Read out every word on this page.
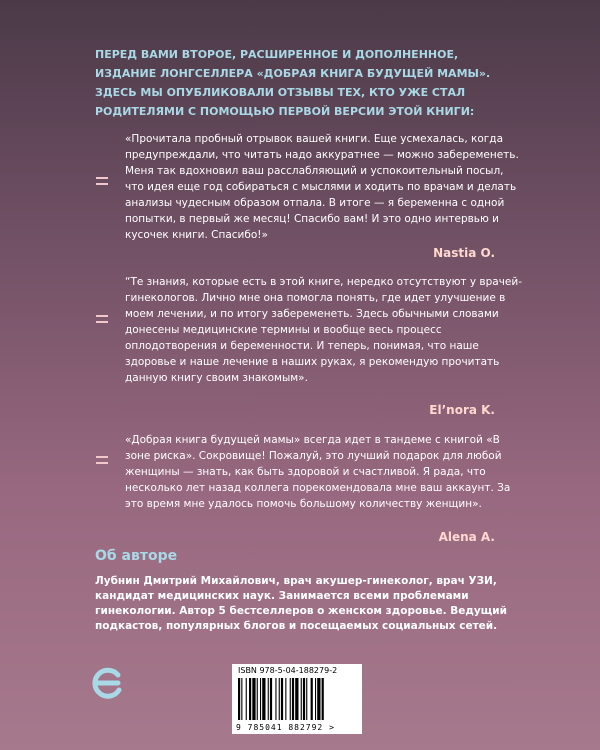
ПЕРЕД ВАМИ ВТОРОЕ, РАСШИРЕННОЕ И ДОПОЛНЕННОЕ,

ИЗДАНИЕ ЛОНГСЕЛЛЕРА «ДОБРАЯ КНИГА БУДУЩЕЙ МАМЫ».

ЗДЕСЬ МЫ ОПУБЛИКОВАЛИ ОТЗЫВЫ ТЕХ, КТО УЖЕ СТАЛ

РОДИТЕЛЯМИ С ПОМОЩЬЮ ПЕРВОЙ ВЕРСИИ ЭТОЙ КНИГИ:

«Прочитала пробный отрывок вашей книги. Еще усмехалась, когда предупреждали, что читать надо аккуратнее — можно забеременеть. Меня так вдохновил ваш расслабляющий и успокоительный посыл, что идея еще год собираться с мыслями и ходить по врачам и делать анализы чудесным образом отпала. В итоге — я беременна с одной попытки, в первый же месяц! Спасибо вам! И это одно интервью и кусочек книги. Спасибо!»

Nastia O.

“Те знания, которые есть в этой книге, нередко отсутствуют у врачей-гинекологов. Лично мне она помогла понять, где идет улучшение в моем лечении, и по итогу забеременеть. Здесь обычными словами донесены медицинские термины и вообще весь процесс оплодотворения и беременности. И теперь, понимая, что наше здоровье и наше лечение в наших руках, я рекомендую прочитать данную книгу своим знакомым».

El’nora K.

«Добрая книга будущей мамы» всегда идет в тандеме с книгой «В зоне риска». Сокровище! Пожалуй, это лучший подарок для любой женщины — знать, как быть здоровой и счастливой. Я рада, что несколько лет назад коллега порекомендовала мне ваш аккаунт. За это время мне удалось помочь большому количеству женщин».

Alena A.
Об авторе

Лубнин Дмитрий Михайлович, врач акушер-гинеколог, врач УЗИ, кандидат медицинских наук. Занимается всеми проблемами гинекологии. Автор 5 бестселлеров о женском здоровье. Ведущий подкастов, популярных блогов и посещаемых социальных сетей.

ISBN 978-5-04-188279-2
9 785041 882792 >
